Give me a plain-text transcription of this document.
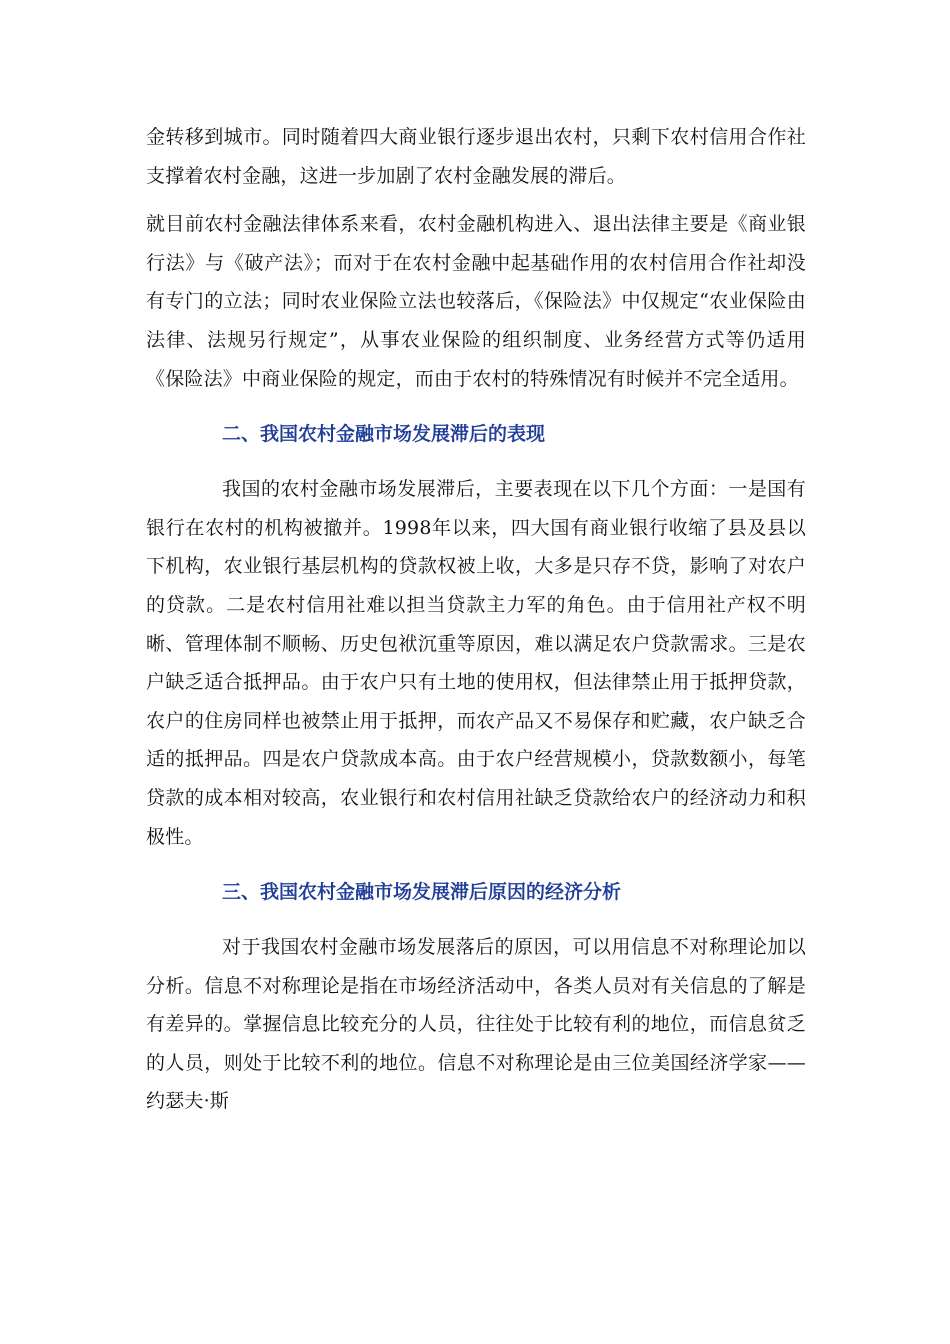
金转移到城市。同时随着四大商业银行逐步退出农村，只剩下农村信用合作社支撑着农村金融，这进一步加剧了农村金融发展的滞后。

就目前农村金融法律体系来看，农村金融机构进入、退出法律主要是《商业银行法》与《破产法》；而对于在农村金融中起基础作用的农村信用合作社却没有专门的立法；同时农业保险立法也较落后，《保险法》中仅规定“农业保险由法律、法规另行规定”，从事农业保险的组织制度、业务经营方式等仍适用《保险法》中商业保险的规定，而由于农村的特殊情况有时候并不完全适用。

二、我国农村金融市场发展滞后的表现

我国的农村金融市场发展滞后，主要表现在以下几个方面：一是国有银行在农村的机构被撤并。1998年以来，四大国有商业银行收缩了县及县以下机构，农业银行基层机构的贷款权被上收，大多是只存不贷，影响了对农户的贷款。二是农村信用社难以担当贷款主力军的角色。由于信用社产权不明晰、管理体制不顺畅、历史包袱沉重等原因，难以满足农户贷款需求。三是农户缺乏适合抵押品。由于农户只有土地的使用权，但法律禁止用于抵押贷款，农户的住房同样也被禁止用于抵押，而农产品又不易保存和贮藏，农户缺乏合适的抵押品。四是农户贷款成本高。由于农户经营规模小，贷款数额小，每笔贷款的成本相对较高，农业银行和农村信用社缺乏贷款给农户的经济动力和积极性。

三、我国农村金融市场发展滞后原因的经济分析

对于我国农村金融市场发展落后的原因，可以用信息不对称理论加以分析。信息不对称理论是指在市场经济活动中，各类人员对有关信息的了解是有差异的。掌握信息比较充分的人员，往往处于比较有利的地位，而信息贫乏的人员，则处于比较不利的地位。信息不对称理论是由三位美国经济学家——约瑟夫·斯
